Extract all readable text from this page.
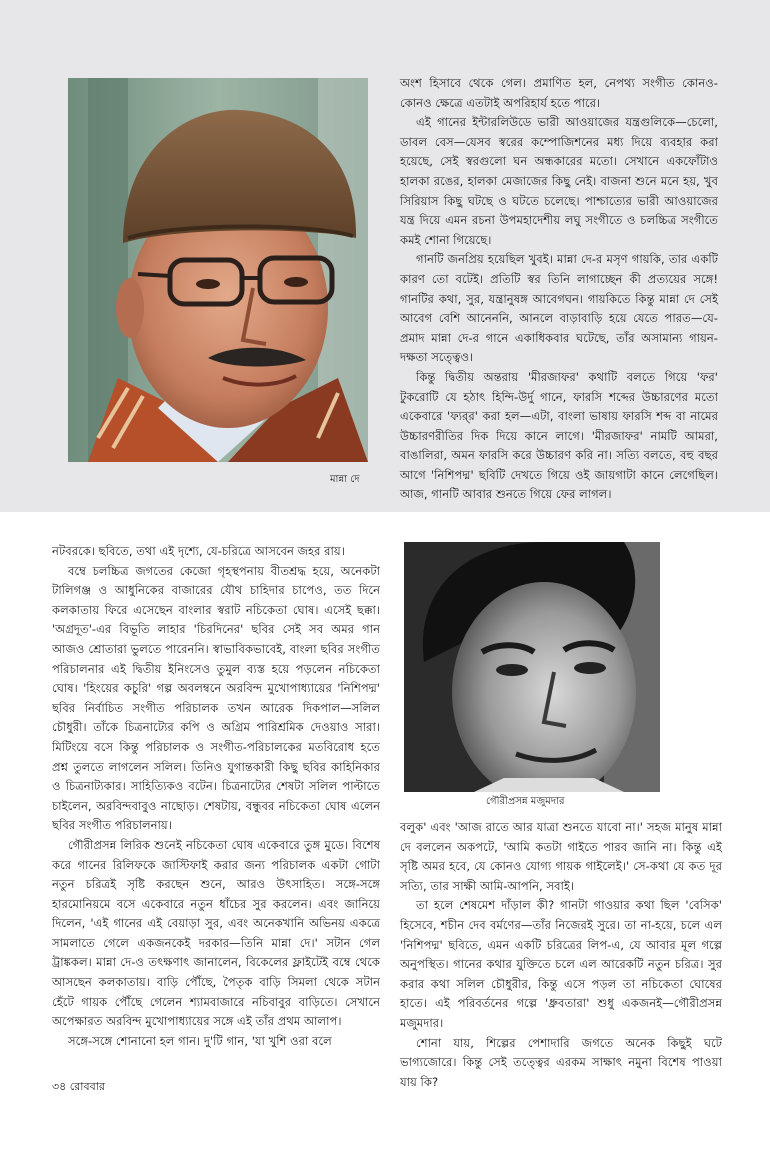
মান্না দে

অংশ হিসাবে থেকে গেল। প্রমাণিত হল, নেপথ্য সংগীত কোনও-কোনও ক্ষেত্রে এতটাই অপরিহার্য হতে পারে।

এই গানের ইন্টারলিউডে ভারী আওয়াজের যন্ত্রগুলিকে—চেলো, ডাবল বেস—যেসব স্বরের কম্পোজিশনের মধ্য দিয়ে ব্যবহার করা হয়েছে, সেই স্বরগুলো ঘন অন্ধকারের মতো। সেখানে একফোঁটাও হালকা রঙের, হালকা মেজাজের কিছু নেই। বাজনা শুনে মনে হয়, খুব সিরিয়াস কিছু ঘটছে ও ঘটতে চলেছে। পাশ্চাত্যের ভারী আওয়াজের যন্ত্র দিয়ে এমন রচনা উপমহাদেশীয় লঘু সংগীতে ও চলচ্চিত্র সংগীতে কমই শোনা গিয়েছে।

গানটি জনপ্রিয় হয়েছিল খুবই। মান্না দে-র মসৃণ গায়কি, তার একটি কারণ তো বটেই। প্রতিটি স্বর তিনি লাগাচ্ছেন কী প্রত্যয়ের সঙ্গে! গানটির কথা, সুর, যন্ত্রানুষঙ্গ আবেগঘন। গায়কিতে কিন্তু মান্না দে সেই আবেগ বেশি আনেননি, আনলে বাড়াবাড়ি হয়ে যেতে পারত—যে-প্রমাদ মান্না দে-র গানে একাধিকবার ঘটেছে, তাঁর অসামান্য গায়ন-দক্ষতা সত্ত্বেও।

কিন্তু দ্বিতীয় অন্তরায় 'মীরজাফর' কথাটি বলতে গিয়ে 'ফর' টুকরোটি যে হঠাৎ হিন্দি-উর্দু গানে, ফারসি শব্দের উচ্চারণের মতো একেবারে 'ফ্যর্‌র' করা হল—এটা, বাংলা ভাষায় ফারসি শব্দ বা নামের উচ্চারণরীতির দিক দিয়ে কানে লাগে। 'মীরজাফর' নামটি আমরা, বাঙালিরা, অমন ফারসি করে উচ্চারণ করি না। সত্যি বলতে, বহু বছর আগে 'নিশিপদ্ম' ছবিটি দেখতে গিয়ে ওই জায়গাটা কানে লেগেছিল। আজ, গানটি আবার শুনতে গিয়ে ফের লাগল।

নটবরকে। ছবিতে, তথা এই দৃশ্যে, যে-চরিত্রে আসবেন জহর রায়।

বম্বে চলচ্চিত্র জগতের কেজো গৃহস্থপনায় বীতশ্রদ্ধ হয়ে, অনেকটা টালিগঞ্জ ও আধুনিকের বাজারের যৌথ চাহিদার চাপেও, তত দিনে কলকাতায় ফিরে এসেছেন বাংলার স্বরাট নচিকেতা ঘোষ। এসেই ছক্কা। 'অগ্রদূত'-এর বিভূতি লাহার 'চিরদিনের' ছবির সেই সব অমর গান আজও শ্রোতারা ভুলতে পারেননি। স্বাভাবিকভাবেই, বাংলা ছবির সংগীত পরিচালনার এই দ্বিতীয় ইনিংসেও তুমুল ব্যস্ত হয়ে পড়লেন নচিকেতা ঘোষ। 'হিংয়ের কচুরি' গল্প অবলম্বনে অরবিন্দ মুখোপাধ্যায়ের 'নিশিপদ্ম' ছবির নির্বাচিত সংগীত পরিচালক তখন আরেক দিকপাল—সলিল চৌধুরী। তাঁকে চিত্রনাট্যের কপি ও অগ্রিম পারিশ্রমিক দেওয়াও সারা। মিটিংয়ে বসে কিন্তু পরিচালক ও সংগীত-পরিচালকের মতবিরোধ হতে প্রশ্ন তুলতে লাগলেন সলিল। তিনিও যুগান্তকারী কিছু ছবির কাহিনিকার ও চিত্রনাট্যকার। সাহিত্যিকও বটেন। চিত্রনাট্যের শেষটা সলিল পাল্টাতে চাইলেন, অরবিন্দবাবুও নাছোড়। শেষটায়, বন্ধুবর নচিকেতা ঘোষ এলেন ছবির সংগীত পরিচালনায়।

গৌরীপ্রসন্ন লিরিক শুনেই নচিকেতা ঘোষ একেবারে তুঙ্গ মুডে। বিশেষ করে গানের রিলিফকে জাস্টিফাই করার জন্য পরিচালক একটা গোটা নতুন চরিত্রই সৃষ্টি করছেন শুনে, আরও উৎসাহিত। সঙ্গে-সঙ্গে হারমোনিয়মে বসে একেবারে নতুন ধাঁচের সুর করলেন। এবং জানিয়ে দিলেন, 'এই গানের এই বেয়াড়া সুর, এবং অনেকখানি অভিনয় একত্রে সামলাতে গেলে একজনকেই দরকার—তিনি মান্না দে।' সটান গেল ট্রাঙ্ককল। মান্না দে-ও তৎক্ষণাৎ জানালেন, বিকেলের ফ্লাইটেই বম্বে থেকে আসছেন কলকাতায়। বাড়ি পৌঁছে, পৈতৃক বাড়ি সিমলা থেকে সটান হেঁটে গায়ক পৌঁছে গেলেন শ্যামবাজারে নচিবাবুর বাড়িতে। সেখানে অপেক্ষারত অরবিন্দ মুখোপাধ্যায়ের সঙ্গে এই তাঁর প্রথম আলাপ।

সঙ্গে-সঙ্গে শোনানো হল গান। দু'টি গান, 'যা খুশি ওরা বলে

গৌরীপ্রসন্ন মজুমদার

বলুক' এবং 'আজ রাতে আর যাত্রা শুনতে যাবো না।' সহজ মানুষ মান্না দে বললেন অকপটে, 'আমি কতটা গাইতে পারব জানি না। কিন্তু এই সৃষ্টি অমর হবে, যে কোনও যোগ্য গায়ক গাইলেই।' সে-কথা যে কত দূর সত্যি, তার সাক্ষী আমি-আপনি, সবাই।

তা হলে শেষমেশ দাঁড়াল কী? গানটা গাওয়ার কথা ছিল 'বেসিক' হিসেবে, শচীন দেব বর্মণের—তাঁর নিজেরই সুরে। তা না-হয়ে, চলে এল 'নিশিপদ্ম' ছবিতে, এমন একটি চরিত্রের লিপ-এ, যে আবার মূল গল্পে অনুপস্থিত। গানের কথার যুক্তিতে চলে এল আরেকটি নতুন চরিত্র। সুর করার কথা সলিল চৌধুরীর, কিন্তু এসে পড়ল তা নচিকেতা ঘোষের হাতে। এই পরিবর্তনের গল্পে 'ধ্রুবতারা' শুধু একজনই—গৌরীপ্রসন্ন মজুমদার।

শোনা যায়, শিল্পের পেশাদারি জগতে অনেক কিছুই ঘটে ভাগ্যজোরে। কিন্তু সেই তত্ত্বের এরকম সাক্ষাৎ নমুনা বিশেষ পাওয়া যায় কি?

৩৪ রোববার
